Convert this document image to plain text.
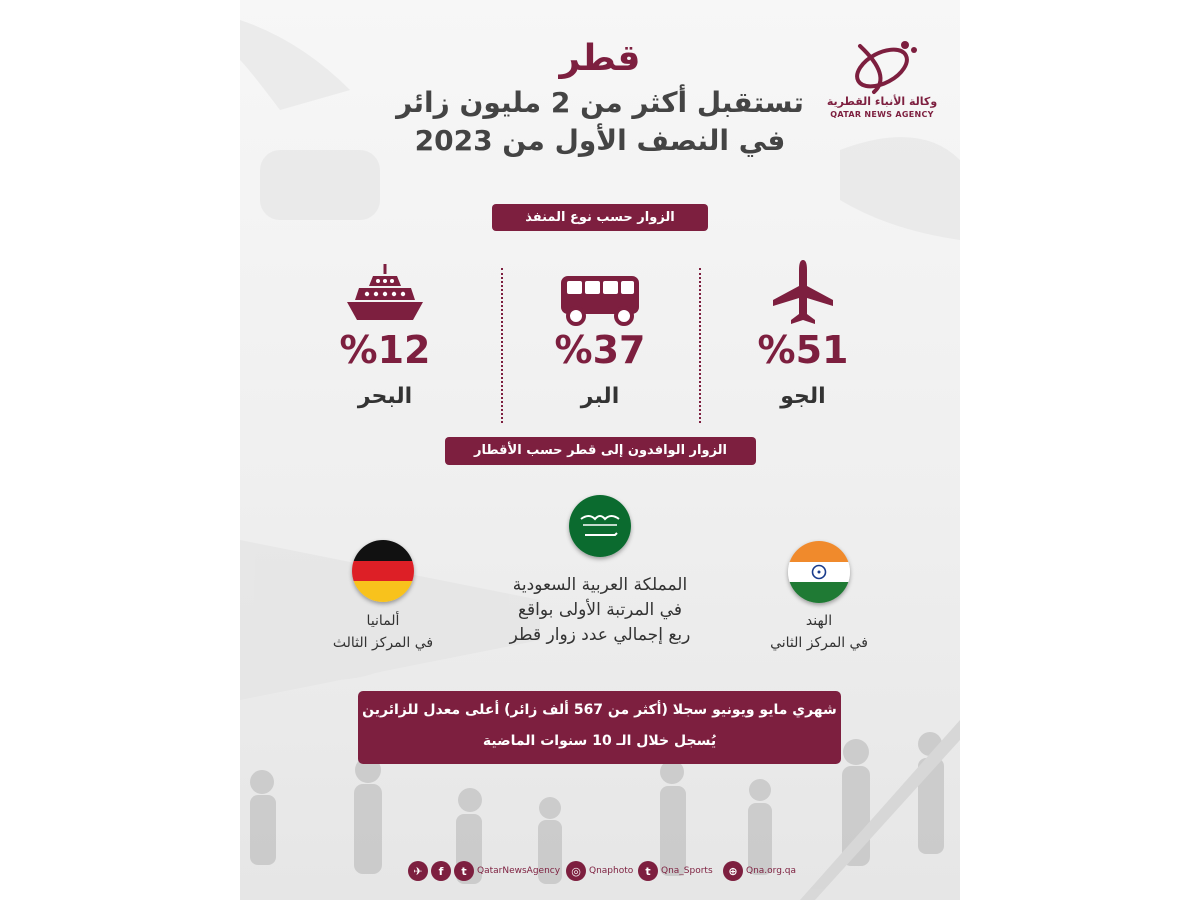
وكالة الأنباء القطرية
QATAR NEWS AGENCY
قطر
تستقبل أكثر من 2 مليون زائر
في النصف الأول من 2023
الزوار حسب نوع المنفذ
%51
الجو
%37
البر
%12
البحر
الزوار الوافدون إلى قطر حسب الأقطار
المملكة العربية السعودية
في المرتبة الأولى بواقع
ربع إجمالي عدد زوار قطر
الهند
في المركز الثاني
ألمانيا
في المركز الثالث
شهري مايو ويونيو سجلا (أكثر من 567 ألف زائر) أعلى معدل للزائرين
يُسجل خلال الـ 10 سنوات الماضية
✈	f	t	QatarNewsAgency	◎ Qnaphoto	t	Qna_Sports	⊕ Qna.org.qa
